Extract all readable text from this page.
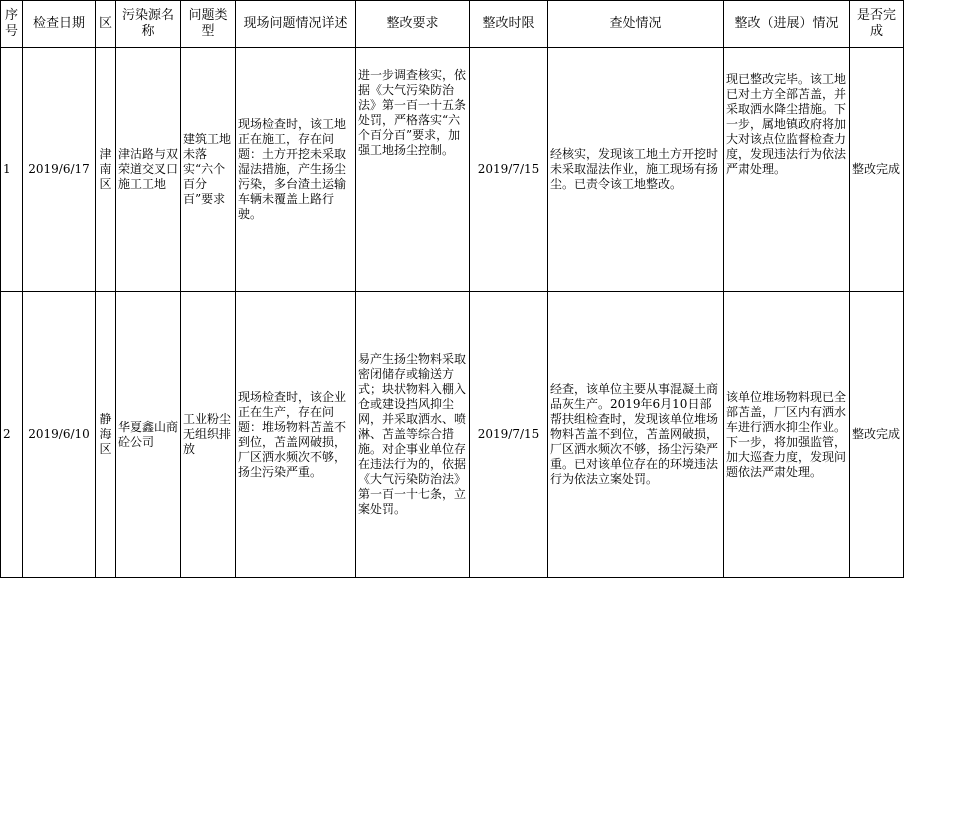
序号	检查日期	区	污染源名称	问题类型	现场问题情况详述	整改要求	整改时限	查处情况	整改（进展）情况	是否完成
1	2019/6/17	津南区	津沽路与双荣道交叉口施工工地	建筑工地未落实“六个百分百”要求	现场检查时，该工地正在施工，存在问题：土方开挖未采取湿法措施，产生扬尘污染，多台渣土运输车辆未覆盖上路行驶。	进一步调查核实，依据《大气污染防治法》第一百一十五条处罚，严格落实“六个百分百”要求，加强工地扬尘控制。	2019/7/15	经核实，发现该工地土方开挖时未采取湿法作业，施工现场有扬尘。已责令该工地整改。	现已整改完毕。该工地已对土方全部苫盖，并采取洒水降尘措施。下一步，属地镇政府将加大对该点位监督检查力度，发现违法行为依法严肃处理。	整改完成
2	2019/6/10	静海区	华夏鑫山商砼公司	工业粉尘无组织排放	现场检查时，该企业正在生产，存在问题：堆场物料苫盖不到位，苫盖网破损，厂区洒水频次不够，扬尘污染严重。	易产生扬尘物料采取密闭储存或输送方式；块状物料入棚入仓或建设挡风抑尘网，并采取洒水、喷淋、苫盖等综合措施。对企事业单位存在违法行为的，依据《大气污染防治法》第一百一十七条，立案处罚。	2019/7/15	经查，该单位主要从事混凝土商品灰生产。2019年6月10日部帮扶组检查时，发现该单位堆场物料苫盖不到位，苫盖网破损，厂区洒水频次不够，扬尘污染严重。已对该单位存在的环境违法行为依法立案处罚。	该单位堆场物料现已全部苫盖，厂区内有洒水车进行洒水抑尘作业。下一步，将加强监管，加大巡查力度，发现问题依法严肃处理。	整改完成
